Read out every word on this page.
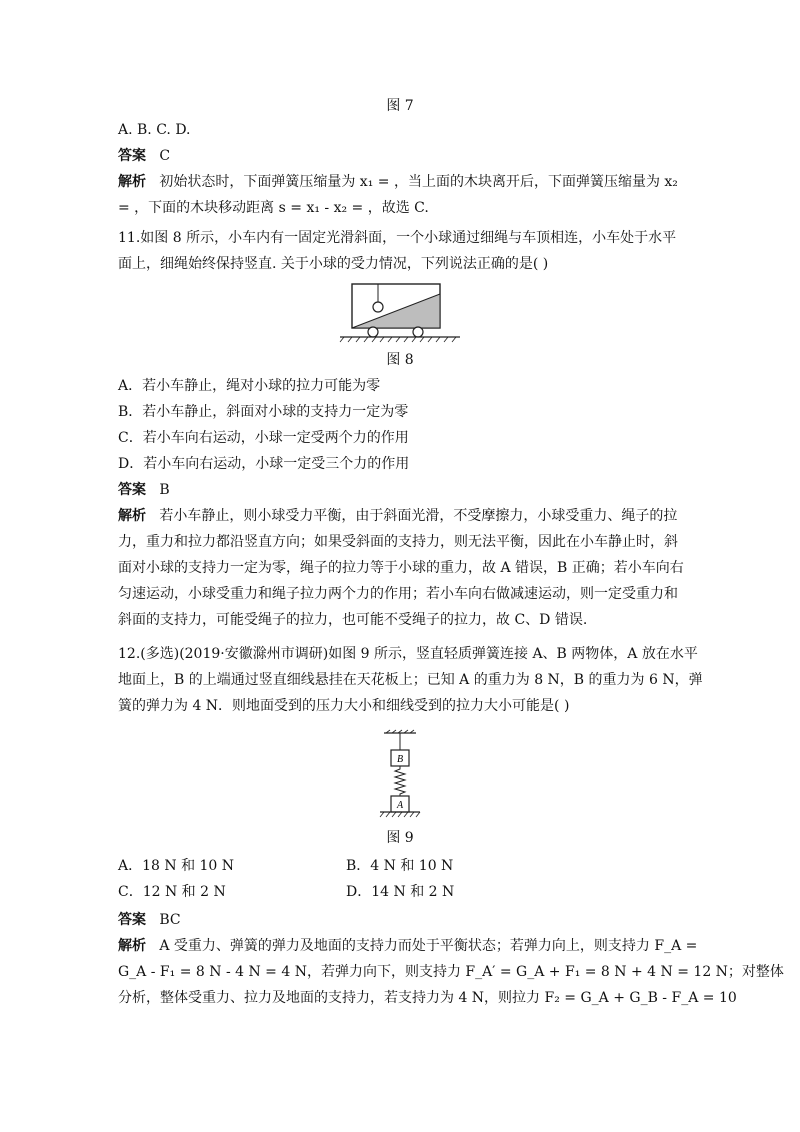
图 7
A. B. C. D.
答案 C
解析 初始状态时，下面弹簧压缩量为 x₁ = ，当上面的木块离开后，下面弹簧压缩量为 x₂
= ，下面的木块移动距离 s = x₁ - x₂ = ，故选 C.
11.如图 8 所示，小车内有一固定光滑斜面，一个小球通过细绳与车顶相连，小车处于水平
面上，细绳始终保持竖直. 关于小球的受力情况，下列说法正确的是( )
图 8
A．若小车静止，绳对小球的拉力可能为零
B．若小车静止，斜面对小球的支持力一定为零
C．若小车向右运动，小球一定受两个力的作用
D．若小车向右运动，小球一定受三个力的作用
答案 B
解析 若小车静止，则小球受力平衡，由于斜面光滑，不受摩擦力，小球受重力、绳子的拉
力，重力和拉力都沿竖直方向；如果受斜面的支持力，则无法平衡，因此在小车静止时，斜
面对小球的支持力一定为零，绳子的拉力等于小球的重力，故 A 错误，B 正确；若小车向右
匀速运动，小球受重力和绳子拉力两个力的作用；若小车向右做减速运动，则一定受重力和
斜面的支持力，可能受绳子的拉力，也可能不受绳子的拉力，故 C、D 错误.
12.(多选)(2019·安徽滁州市调研)如图 9 所示，竖直轻质弹簧连接 A、B 两物体，A 放在水平
地面上，B 的上端通过竖直细线悬挂在天花板上；已知 A 的重力为 8 N，B 的重力为 6 N，弹
簧的弹力为 4 N．则地面受到的压力大小和细线受到的拉力大小可能是( )
B
A
图 9
A．18 N 和 10 N	B．4 N 和 10 N
C．12 N 和 2 N	D．14 N 和 2 N
答案 BC
解析 A 受重力、弹簧的弹力及地面的支持力而处于平衡状态；若弹力向上，则支持力 F_A =
G_A - F₁ = 8 N - 4 N = 4 N，若弹力向下，则支持力 F_A′ = G_A + F₁ = 8 N + 4 N = 12 N；对整体
分析，整体受重力、拉力及地面的支持力，若支持力为 4 N，则拉力 F₂ = G_A + G_B - F_A = 10
